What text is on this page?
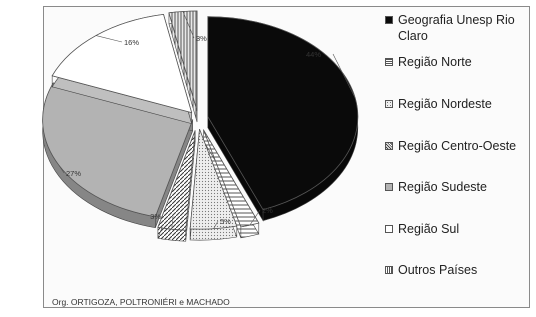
44%
2%
5%
3%
27%
16%	3%
Geografia Unesp Rio Claro
Região Norte
Região Nordeste
Região Centro-Oeste
Região Sudeste
Região Sul
Outros Países
Org. ORTIGOZA, POLTRONIÉRI e MACHADO
